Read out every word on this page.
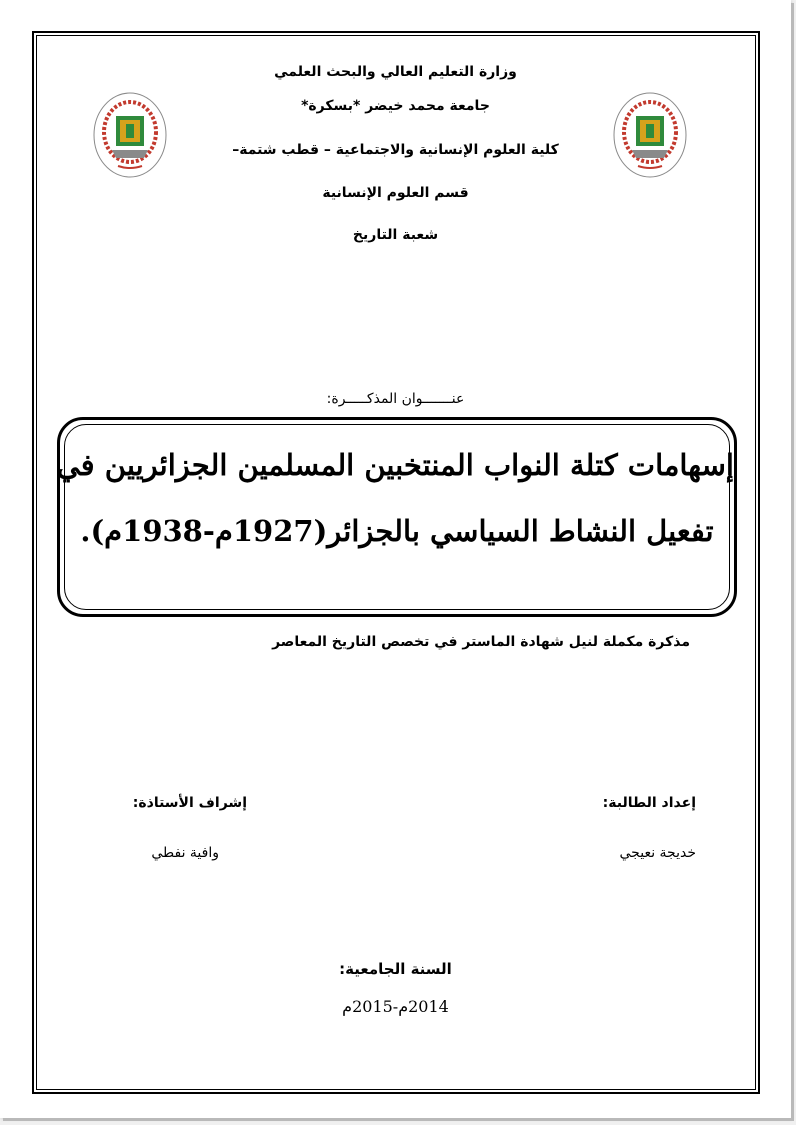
وزارة التعليم العالي والبحث العلمي
جامعة محمد خيضر *بسكرة*
كلية العلوم الإنسانية والاجتماعية – قطب شتمة–
قسم العلوم الإنسانية
شعبة التاريخ
عنـــــــوان المذكـــــرة:
إسهامات كتلة النواب المنتخبين المسلمين الجزائريين في
تفعيل النشاط السياسي بالجزائر(1927م-1938م).
مذكرة مكملة لنيل شهادة الماستر في تخصص التاريخ المعاصر
إعداد الطالبة:
خديجة نعيجي
إشراف الأستاذة:
وافية نفطي
السنة الجامعية:
2014م-2015م
